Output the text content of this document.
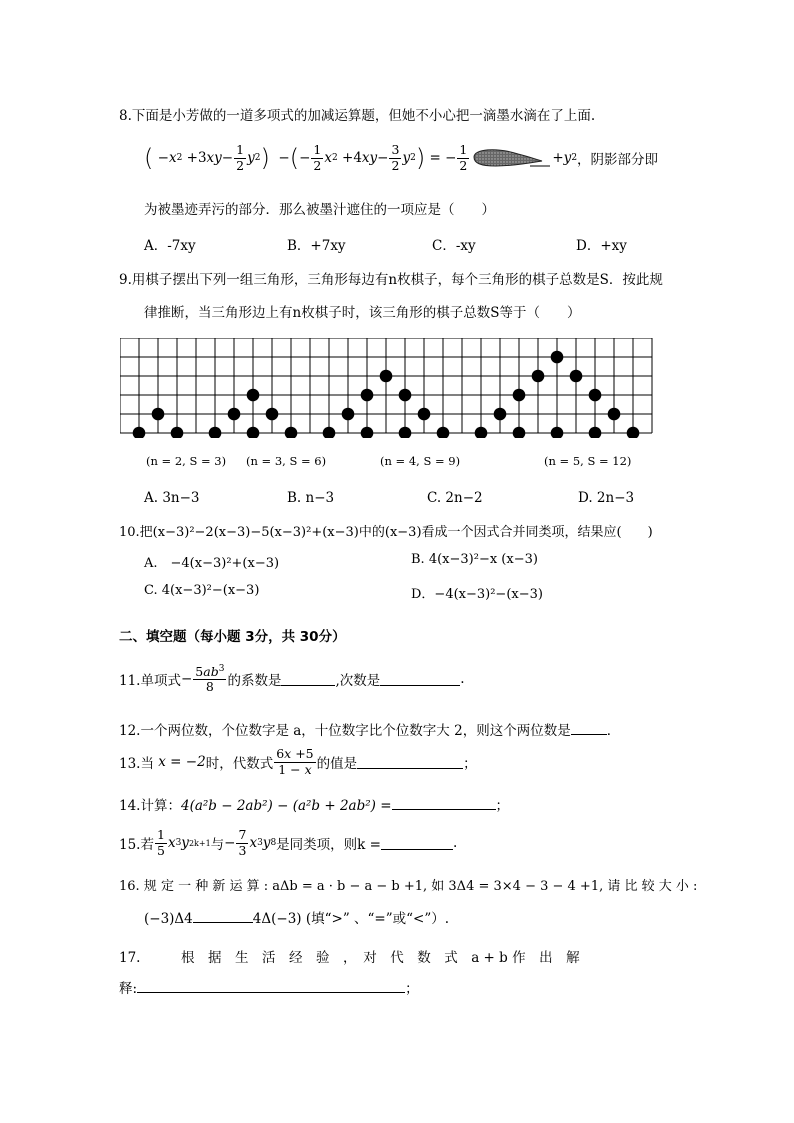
8.下面是小芳做的一道多项式的加减运算题，但她不小心把一滴墨水滴在了上面.
( − x 2 +3 xy − $\frac{1}{2}$ y 2 ) − ( − $\frac{1}{2}$ x 2 +4 xy − $\frac{3}{2}$ y 2 ) = − $\frac{1}{2}$	+ y 2 ，阴影部分即
为被墨迹弄污的部分．那么被墨汁遮住的一项应是（　　）
A．-7xy	B．+7xy	C．-xy	D．+xy
9.用棋子摆出下列一组三角形，三角形每边有n枚棋子，每个三角形的棋子总数是S．按此规
律推断，当三角形边上有n枚棋子时，该三角形的棋子总数S等于（　　）
(n = 2, S = 3) (n = 3, S = 6)	(n = 4, S = 9)	(n = 5, S = 12)
A. 3n−3	B. n−3	C. 2n−2	D. 2n−3
10.把(x−3)²−2(x−3)−5(x−3)²+(x−3)中的(x−3)看成一个因式合并同类项，结果应(　　)
A.　−4(x−3)²+(x−3)	B. 4(x−3)²−x (x−3)
C. 4(x−3)²−(x−3)	D．−4(x−3)²−(x−3)
二、填空题（每小题 3分，共 30分）
11.单项式 − $\frac{5ab^3}{8}$ 的系数是	,次数是	.
12.一个两位数，个位数字是 a，十位数字比个位数字大 2，则这个两位数是	．
13.当
x = −2 时，代数式 $\frac{6x +5}{1 - x}$ 的值是	；
14.计算：4(a²b − 2ab²) − (a²b + 2ab²) =	；
15.若 $\frac{1}{5}$ x 3 y 2k+1 与 − $\frac{7}{3}$ x 3 y 8 是同类项，则k =	.
16. 规 定 一 种 新 运 算 : aΔb = a · b − a − b +1, 如 3Δ4 = 3×4 − 3 − 4 +1, 请 比 较 大 小 :
(−3)Δ4	4Δ(−3) (填“>” 、“=”或“<”）.
17.　　　根　据　生　活　经　验　，　对　代　数　式　a + b 作　出　解
释:	；
